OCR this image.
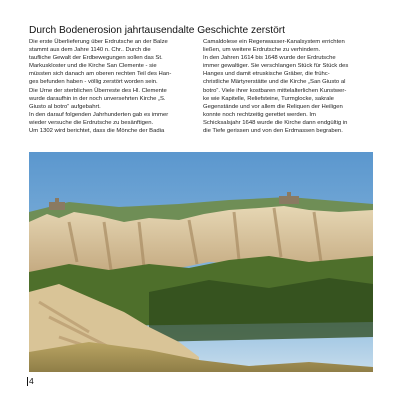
Durch Bodenerosion jahrtausendalte Geschichte zerstört
Die erste Überlieferung über Erdrutsche an der Balze
stammt aus dem Jahre 1140 n. Chr.. Durch die
taufliche Gewalt der Erdbewegungen sollen das St.
Markuskloster und die Kirche San Clemente - sie
müssten sich danach am oberen rechten Teil des Han-
ges befunden haben - völlig zerstört worden sein.
Die Urne der sterblichen Überreste des Hl. Clemente
wurde daraufhin in der noch unversehrten Kirche „S.
Giusto al botro“ aufgebahrt.
In den darauf folgenden Jahrhunderten gab es immer
wieder versuche die Erdrutsche zu besänftigen.
Um 1302 wird berichtet, dass die Mönche der Badia
Camaldolese ein Regenwasser-Kanalsystem errichten
ließen, um weitere Erdrutsche zu verhindern.
In den Jahren 1614 bis 1648 wurde der Erdrutsche
immer gewaltiger. Sie verschlangen Stück für Stück des
Hanges und damit etruskische Gräber, die frühc-
christliche Märtyrerstätte und die Kirche „San Giusto al
botro“. Viele ihrer kostbaren mittelalterlichen Kunstwer-
ke wie Kapitelle, Reliefsteine, Turmglocke, sakrale
Gegenstände und vor allem die Reliquen der Heiligen
konnte noch rechtzeitig gerettet werden. Im
Schicksalsjahr 1648 wurde die Kirche dann endgültig in
die Tiefe gerissen und von den Erdmassen begraben.
4
